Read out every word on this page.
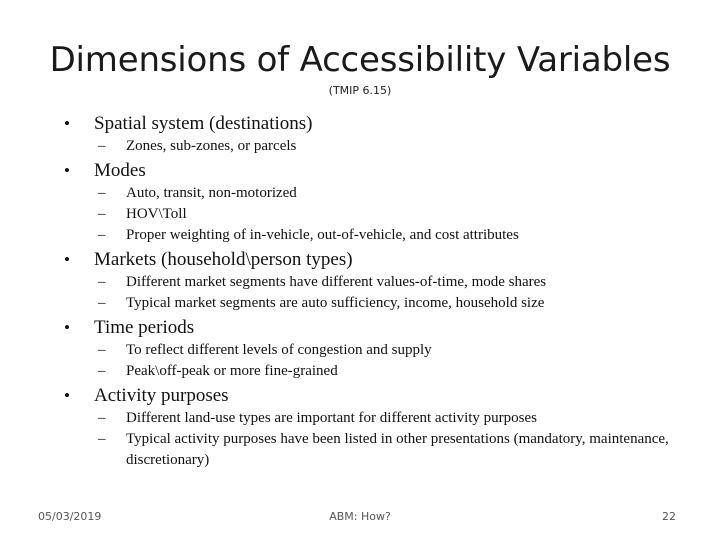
Dimensions of Accessibility Variables
(TMIP 6.15)
• Spatial system (destinations)
– Zones, sub-zones, or parcels
• Modes
– Auto, transit, non-motorized
– HOV\Toll
– Proper weighting of in-vehicle, out-of-vehicle, and cost attributes
• Markets (household\person types)
– Different market segments have different values-of-time, mode shares
– Typical market segments are auto sufficiency, income, household size
• Time periods
– To reflect different levels of congestion and supply
– Peak\off-peak or more fine-grained
• Activity purposes
– Different land-use types are important for different activity purposes
– Typical activity purposes have been listed in other presentations (mandatory, maintenance, discretionary)
05/03/2019	ABM: How?	22
